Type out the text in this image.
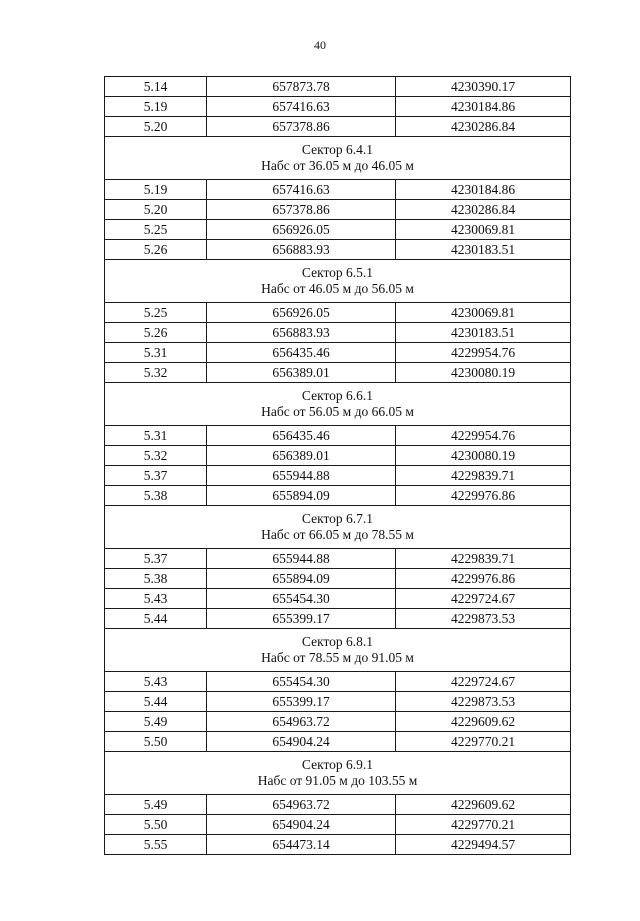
40
5.14	657873.78	4230390.17
5.19	657416.63	4230184.86
5.20	657378.86	4230286.84

Сектор 6.4.1
Набс от 36.05 м до 46.05 м		

5.19	657416.63	4230184.86
5.20	657378.86	4230286.84
5.25	656926.05	4230069.81
5.26	656883.93	4230183.51

Сектор 6.5.1
Набс от 46.05 м до 56.05 м		

5.25	656926.05	4230069.81
5.26	656883.93	4230183.51
5.31	656435.46	4229954.76
5.32	656389.01	4230080.19

Сектор 6.6.1
Набс от 56.05 м до 66.05 м		

5.31	656435.46	4229954.76
5.32	656389.01	4230080.19
5.37	655944.88	4229839.71
5.38	655894.09	4229976.86

Сектор 6.7.1
Набс от 66.05 м до 78.55 м		

5.37	655944.88	4229839.71
5.38	655894.09	4229976.86
5.43	655454.30	4229724.67
5.44	655399.17	4229873.53

Сектор 6.8.1
Набс от 78.55 м до 91.05 м		

5.43	655454.30	4229724.67
5.44	655399.17	4229873.53
5.49	654963.72	4229609.62
5.50	654904.24	4229770.21

Сектор 6.9.1
Набс от 91.05 м до 103.55 м		

5.49	654963.72	4229609.62
5.50	654904.24	4229770.21
5.55	654473.14	4229494.57
